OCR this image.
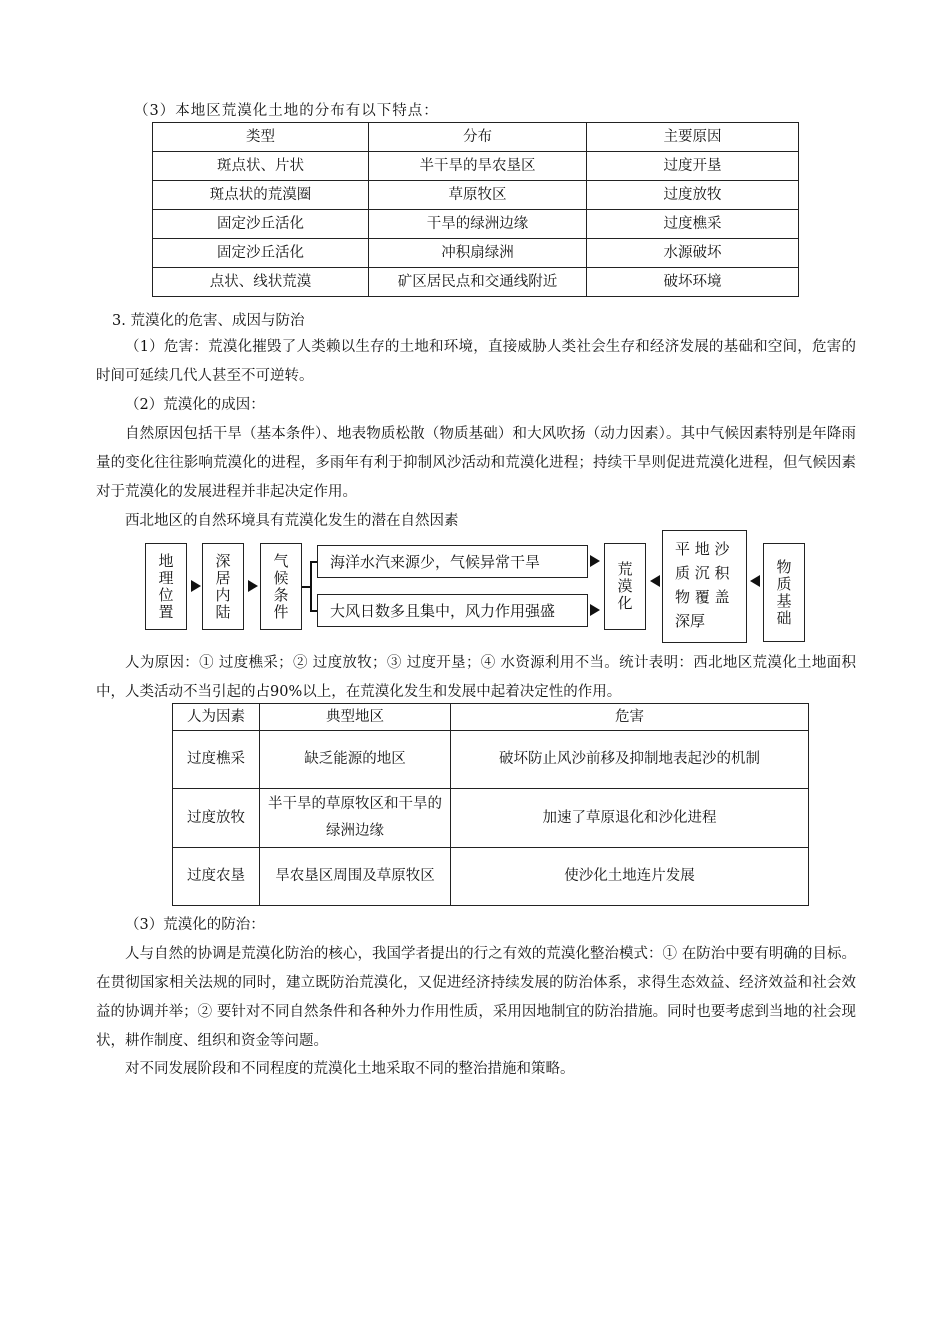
（3）本地区荒漠化土地的分布有以下特点：
类型	分布	主要原因
斑点状、片状	半干旱的旱农垦区	过度开垦
斑点状的荒漠圈	草原牧区	过度放牧
固定沙丘活化	干旱的绿洲边缘	过度樵采
固定沙丘活化	冲积扇绿洲	水源破坏
点状、线状荒漠	矿区居民点和交通线附近	破坏环境
3. 荒漠化的危害、成因与防治
（1）危害：荒漠化摧毁了人类赖以生存的土地和环境，直接威胁人类社会生存和经济发展的基础和空间，危害的时间可延续几代人甚至不可逆转。
（2）荒漠化的成因：
自然原因包括干旱（基本条件）、地表物质松散（物质基础）和大风吹扬（动力因素）。其中气候因素特别是年降雨量的变化往往影响荒漠化的进程，多雨年有利于抑制风沙活动和荒漠化进程；持续干旱则促进荒漠化进程，但气候因素对于荒漠化的发展进程并非起决定作用。
西北地区的自然环境具有荒漠化发生的潜在自然因素
地理位置	深居内陆	气候条件	海洋水汽来源少，气候异常干旱
大风日数多且集中，风力作用强盛	荒漠化
平 地 沙
质 沉 积
物 覆 盖
深厚	物质基础
人为原因：① 过度樵采；② 过度放牧；③ 过度开垦；④ 水资源利用不当。统计表明：西北地区荒漠化土地面积中，人类活动不当引起的占90%以上，在荒漠化发生和发展中起着决定性的作用。
人为因素	典型地区	危害
过度樵采	缺乏能源的地区	破坏防止风沙前移及抑制地表起沙的机制
过度放牧	半干旱的草原牧区和干旱的绿洲边缘	加速了草原退化和沙化进程
过度农垦	旱农垦区周围及草原牧区	使沙化土地连片发展
（3）荒漠化的防治：
人与自然的协调是荒漠化防治的核心，我国学者提出的行之有效的荒漠化整治模式：① 在防治中要有明确的目标。在贯彻国家相关法规的同时，建立既防治荒漠化，又促进经济持续发展的防治体系，求得生态效益、经济效益和社会效益的协调并举；② 要针对不同自然条件和各种外力作用性质，采用因地制宜的防治措施。同时也要考虑到当地的社会现状，耕作制度、组织和资金等问题。
对不同发展阶段和不同程度的荒漠化土地采取不同的整治措施和策略。
